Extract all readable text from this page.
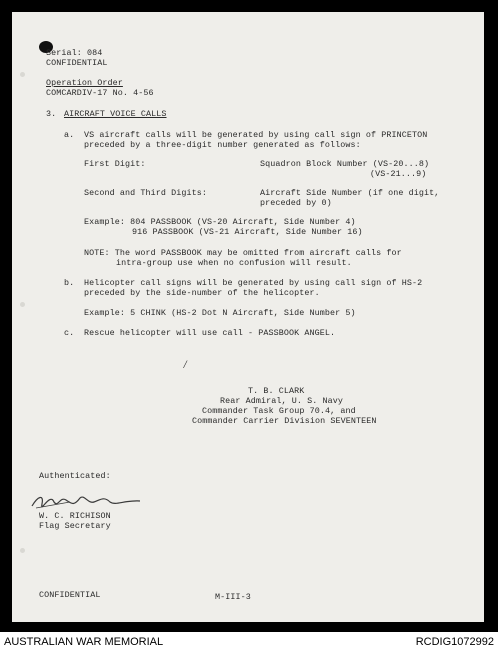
Serial: 084
CONFIDENTIAL
Operation Order
COMCARDIV-17 No. 4-56
3. AIRCRAFT VOICE CALLS
a. VS aircraft calls will be generated by using call sign of PRINCETON
preceded by a three-digit number generated as follows:
First Digit:	Squadron Block Number (VS-20...8)
(VS-21...9)
Second and Third Digits:	Aircraft Side Number (if one digit,
preceded by 0)
Example: 804 PASSBOOK (VS-20 Aircraft, Side Number 4)
916 PASSBOOK (VS-21 Aircraft, Side Number 16)
NOTE: The word PASSBOOK may be omitted from aircraft calls for
intra-group use when no confusion will result.
b. Helicopter call signs will be generated by using call sign of HS-2
preceded by the side-number of the helicopter.
Example: 5 CHINK (HS-2 Dot N Aircraft, Side Number 5)
c. Rescue helicopter will use call - PASSBOOK ANGEL.
⁄
T. B. CLARK
Rear Admiral, U. S. Navy
Commander Task Group 70.4, and
Commander Carrier Division SEVENTEEN
Authenticated:
W. C. RICHISON
Flag Secretary
CONFIDENTIAL	M-III-3
AUSTRALIAN WAR MEMORIAL	RCDIG1072992
